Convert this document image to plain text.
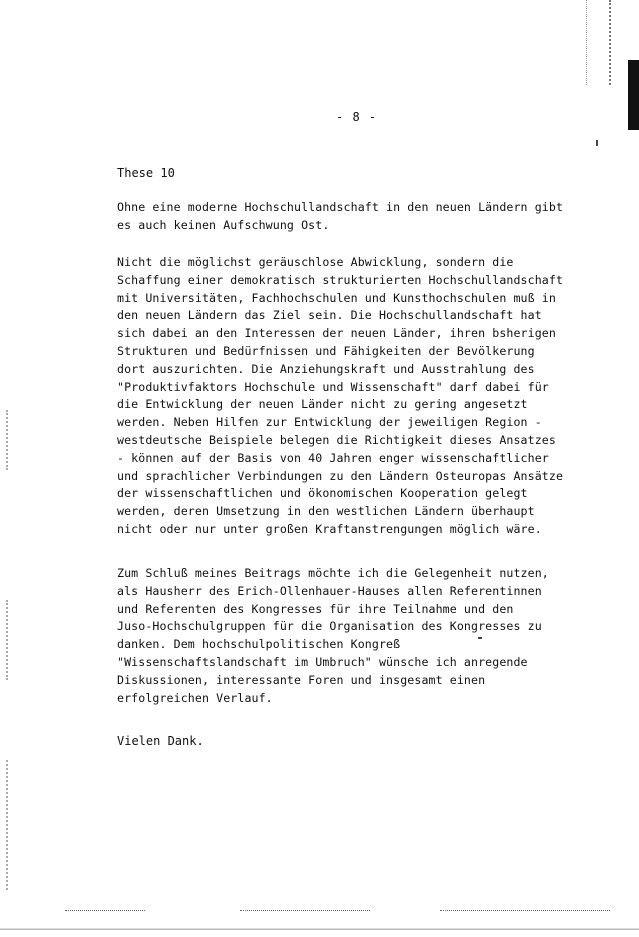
- 8 -
These 10

Ohne eine moderne Hochschullandschaft in den neuen Ländern gibt
es auch keinen Aufschwung Ost.

Nicht die möglichst geräuschlose Abwicklung, sondern die
Schaffung einer demokratisch strukturierten Hochschullandschaft
mit Universitäten, Fachhochschulen und Kunsthochschulen muß in
den neuen Ländern das Ziel sein. Die Hochschullandschaft hat
sich dabei an den Interessen der neuen Länder, ihren bsherigen
Strukturen und Bedürfnissen und Fähigkeiten der Bevölkerung
dort auszurichten. Die Anziehungskraft und Ausstrahlung des
"Produktivfaktors Hochschule und Wissenschaft" darf dabei für
die Entwicklung der neuen Länder nicht zu gering angesetzt
werden. Neben Hilfen zur Entwicklung der jeweiligen Region -
westdeutsche Beispiele belegen die Richtigkeit dieses Ansatzes
- können auf der Basis von 40 Jahren enger wissenschaftlicher
und sprachlicher Verbindungen zu den Ländern Osteuropas Ansätze
der wissenschaftlichen und ökonomischen Kooperation gelegt
werden, deren Umsetzung in den westlichen Ländern überhaupt
nicht oder nur unter großen Kraftanstrengungen möglich wäre.

Zum Schluß meines Beitrags möchte ich die Gelegenheit nutzen,
als Hausherr des Erich-Ollenhauer-Hauses allen Referentinnen
und Referenten des Kongresses für ihre Teilnahme und den
Juso-Hochschulgruppen für die Organisation des Kongresses zu
danken. Dem hochschulpolitischen Kongreß
"Wissenschaftslandschaft im Umbruch" wünsche ich anregende
Diskussionen, interessante Foren und insgesamt einen
erfolgreichen Verlauf.

Vielen Dank.
